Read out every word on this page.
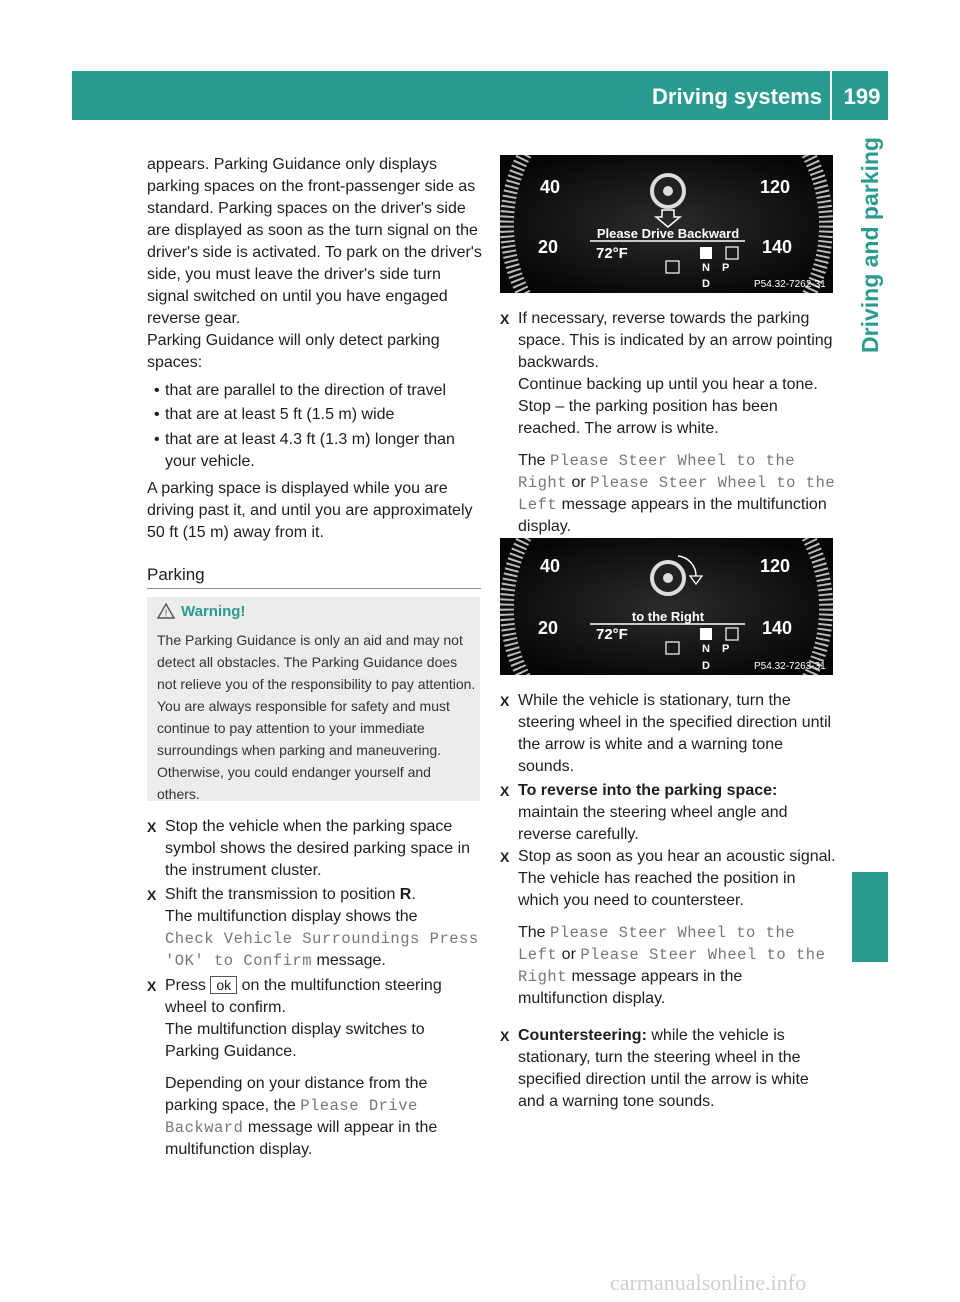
Driving systems 199
Driving and parking

appears. Parking Guidance only displays parking spaces on the front-passenger side as standard. Parking spaces on the driver's side are displayed as soon as the turn signal on the driver's side is activated. To park on the driver's side, you must leave the driver's side turn signal switched on until you have engaged reverse gear.

Parking Guidance will only detect parking spaces:

• that are parallel to the direction of travel
• that are at least 5 ft (1.5 m) wide
• that are at least 4.3 ft (1.3 m) longer than your vehicle.

A parking space is displayed while you are driving past it, and until you are approximately 50 ft (15 m) away from it.

Parking
! Warning!

The Parking Guidance is only an aid and may not detect all obstacles. The Parking Guidance does not relieve you of the responsibility to pay attention. You are always responsible for safety and must continue to pay attention to your immediate surroundings when parking and maneuvering. Otherwise, you could endanger yourself and others.

X Stop the vehicle when the parking space symbol shows the desired parking space in the instrument cluster.
X Shift the transmission to position R.
The multifunction display shows the
Check Vehicle Surroundings Press 'OK' to Confirm message.
X Press ok on the multifunction steering wheel to confirm.
The multifunction display switches to Parking Guidance.

Depending on your distance from the parking space, the Please Drive Backward message will appear in the multifunction display.

40
20
120
140
Please Drive Backward
72°F
N P
D	P54.32-7262-31
X If necessary, reverse towards the parking space. This is indicated by an arrow pointing backwards.
Continue backing up until you hear a tone. Stop – the parking position has been reached. The arrow is white.

The Please Steer Wheel to the Right or Please Steer Wheel to the Left message appears in the multifunction display.

40
20
120
140
to the Right
72°F
N P
D	P54.32-7263-31
X While the vehicle is stationary, turn the steering wheel in the specified direction until the arrow is white and a warning tone sounds.
X To reverse into the parking space: maintain the steering wheel angle and reverse carefully.
X Stop as soon as you hear an acoustic signal.
The vehicle has reached the position in which you need to countersteer.

The Please Steer Wheel to the Left or Please Steer Wheel to the Right message appears in the multifunction display.

X Countersteering: while the vehicle is stationary, turn the steering wheel in the specified direction until the arrow is white and a warning tone sounds.
carmanualsonline.info
